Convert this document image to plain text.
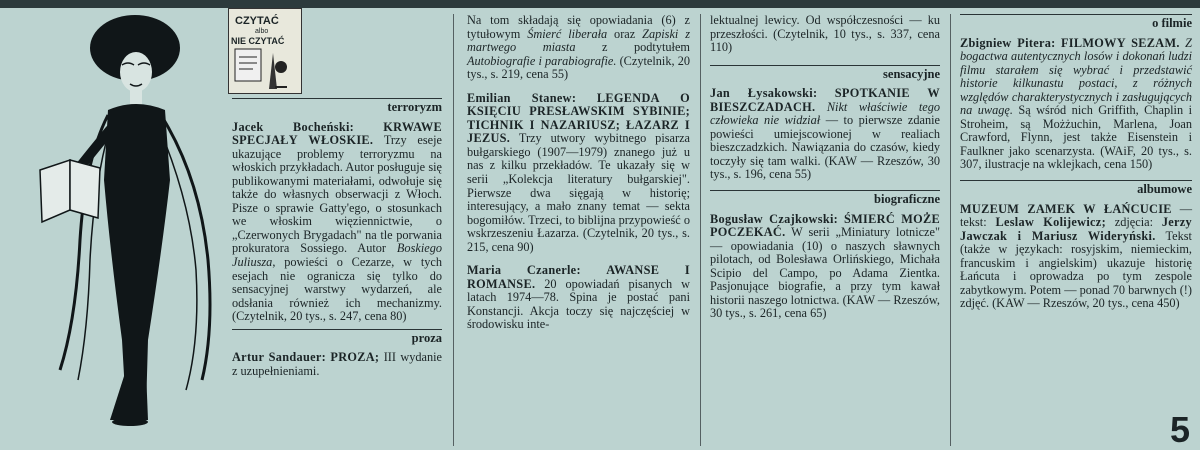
CZYTAĆ
albo
NIE CZYTAĆ
terroryzm

Jacek Bocheński: KRWAWE SPECJAŁY WŁOSKIE. Trzy eseje ukazujące problemy terroryzmu na włoskich przykładach. Autor posługuje się publikowanymi materiałami, odwołuje się także do własnych obserwacji z Włoch. Pisze o sprawie Gatty'ego, o stosunkach we włoskim więziennictwie, o „Czerwonych Brygadach" na tle porwania prokuratora Sossiego. Autor Boskiego Juliusza, powieści o Cezarze, w tych esejach nie ogranicza się tylko do sensacyjnej warstwy wydarzeń, ale odsłania również ich mechanizmy. (Czytelnik, 20 tys., s. 247, cena 80)

proza

Artur Sandauer: PROZA; III wydanie z uzupełnieniami.

Na tom składają się opowiadania (6) z tytułowym Śmierć liberała oraz Zapiski z martwego miasta z podtytułem Autobiografie i parabiografie. (Czytelnik, 20 tys., s. 219, cena 55)

Emilian Stanew: LEGENDA O KSIĘCIU PRESŁAWSKIM SYBINIE; TICHNIK I NAZARIUSZ; ŁAZARZ I JEZUS. Trzy utwory wybitnego pisarza bułgarskiego (1907—1979) znanego już u nas z kilku przekładów. Te ukazały się w serii „Kolekcja literatury bułgarskiej". Pierwsze dwa sięgają w historię; interesujący, a mało znany temat — sekta bogomiłów. Trzeci, to biblijna przypowieść o wskrzeszeniu Łazarza. (Czytelnik, 20 tys., s. 215, cena 90)

Maria Czanerle: AWANSE I ROMANSE. 20 opowiadań pisanych w latach 1974—78. Spina je postać pani Konstancji. Akcja toczy się najczęściej w środowisku inte-

lektualnej lewicy. Od współczesności — ku przeszłości. (Czytelnik, 10 tys., s. 337, cena 110)

sensacyjne

Jan Łysakowski: SPOTKANIE W BIESZCZADACH. Nikt właściwie tego człowieka nie widział — to pierwsze zdanie powieści umiejscowionej w realiach bieszczadzkich. Nawiązania do czasów, kiedy toczyły się tam walki. (KAW — Rzeszów, 30 tys., s. 196, cena 55)

biograficzne

Bogusław Czajkowski: ŚMIERĆ MOŻE POCZEKAĆ. W serii „Miniatury lotnicze" — opowiadania (10) o naszych sławnych pilotach, od Bolesława Orlińskiego, Michała Scipio del Campo, po Adama Zientka. Pasjonujące biografie, a przy tym kawał historii naszego lotnictwa. (KAW — Rzeszów, 30 tys., s. 261, cena 65)

o filmie

Zbigniew Pitera: FILMOWY SEZAM. Z bogactwa autentycznych losów i dokonań ludzi filmu starałem się wybrać i przedstawić historie kilkunastu postaci, z różnych względów charakterystycznych i zasługujących na uwagę. Są wśród nich Griffith, Chaplin i Stroheim, są Możżuchin, Marlena, Joan Crawford, Flynn, jest także Eisenstein i Faulkner jako scenarzysta. (WAiF, 20 tys., s. 307, ilustracje na wklejkach, cena 150)

albumowe

MUZEUM ZAMEK W ŁAŃCUCIE — tekst: Leslaw Kolijewicz; zdjęcia: Jerzy Jawczak i Mariusz Wideryński. Tekst (także w językach: rosyjskim, niemieckim, francuskim i angielskim) ukazuje historię Łańcuta i oprowadza po tym zespole zabytkowym. Potem — ponad 70 barwnych (!) zdjęć. (KAW — Rzeszów, 20 tys., cena 450)

5
